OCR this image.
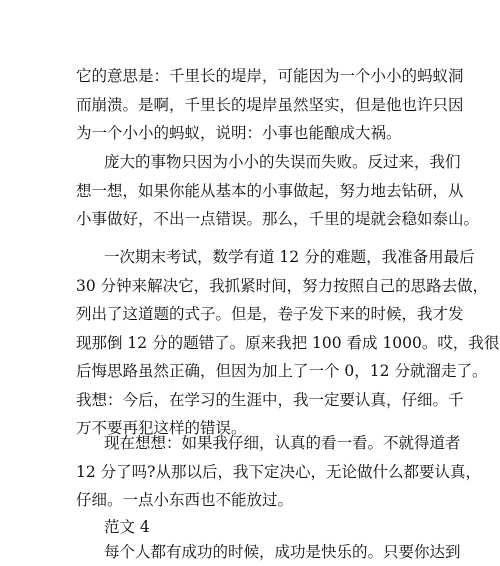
它的意思是：千里长的堤岸，可能因为一个小小的蚂蚁洞
而崩溃。是啊，千里长的堤岸虽然坚实，但是他也许只因
为一个小小的蚂蚁，说明：小事也能酿成大祸。
庞大的事物只因为小小的失误而失败。反过来，我们
想一想，如果你能从基本的小事做起，努力地去钻研，从
小事做好，不出一点错误。那么，千里的堤就会稳如泰山。
一次期末考试，数学有道 12 分的难题，我准备用最后
30 分钟来解决它，我抓紧时间，努力按照自己的思路去做，
列出了这道题的式子。但是，卷子发下来的时候，我才发
现那倒 12 分的题错了。原来我把 100 看成 1000。哎，我很
后悔思路虽然正确，但因为加上了一个 0，12 分就溜走了。
我想：今后，在学习的生涯中，我一定要认真，仔细。千
万不要再犯这样的错误。
现在想想：如果我仔细，认真的看一看。不就得道者
12 分了吗?从那以后，我下定决心，无论做什么都要认真，
仔细。一点小东西也不能放过。
范文 4
每个人都有成功的时候，成功是快乐的。只要你达到
